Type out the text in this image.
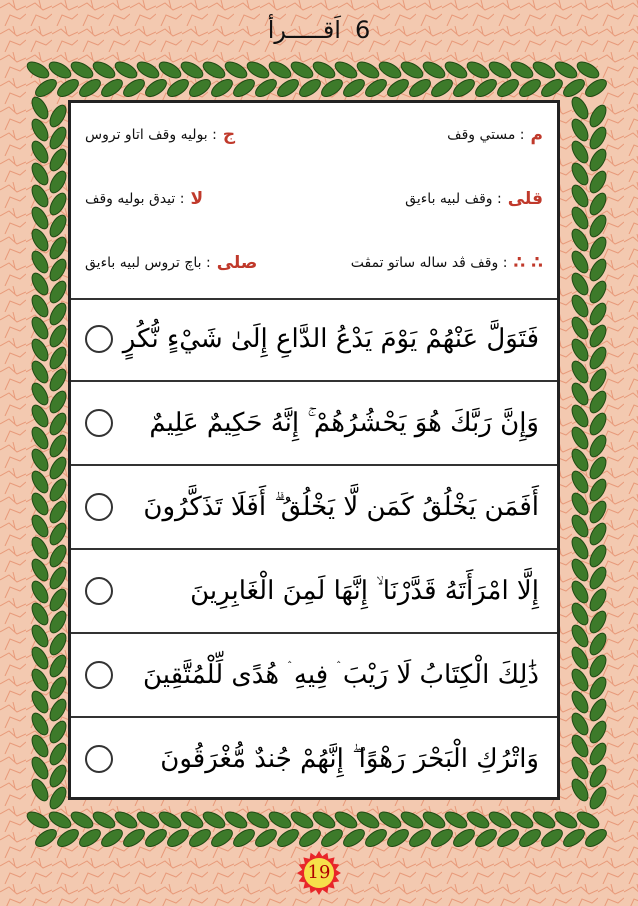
اَقـــــرأ 6
م
: مستي وقف
ج
: بوليه وقف اتاو تروس
قلى
: وقف لبيه باءيق
لا
: تيدق بوليه وقف
∴ ∴
: وقف ڤد ساله ساتو تمڤت
صلى
: باچ تروس لبيه باءيق
فَتَوَلَّ عَنْهُمْ يَوْمَ يَدْعُ الدَّاعِ إِلَىٰ شَيْءٍ نُّكُرٍ
وَإِنَّ رَبَّكَ هُوَ يَحْشُرُهُمْ ۚ إِنَّهُ حَكِيمٌ عَلِيمٌ
أَفَمَن يَخْلُقُ كَمَن لَّا يَخْلُقُ ۗ أَفَلَا تَذَكَّرُونَ
إِلَّا امْرَأَتَهُ قَدَّرْنَا ۙ إِنَّهَا لَمِنَ الْغَابِرِينَ
ذَٰلِكَ الْكِتَابُ لَا رَيْبَ ۛ فِيهِ ۛ هُدًى لِّلْمُتَّقِينَ
وَاتْرُكِ الْبَحْرَ رَهْوًا ۖ إِنَّهُمْ جُندٌ مُّغْرَقُونَ
19
